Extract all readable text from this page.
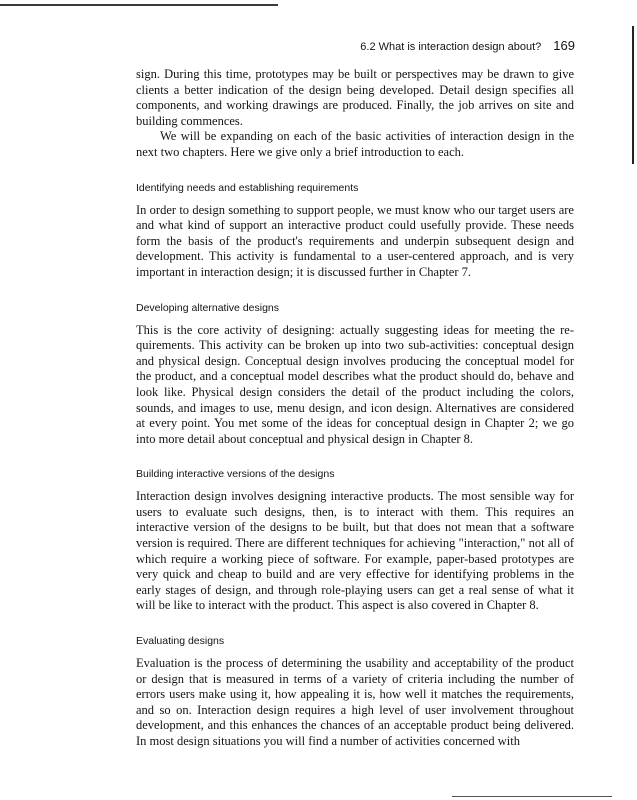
6.2 What is interaction design about? 169

sign. During this time, prototypes may be built or perspectives may be drawn to give clients a better indication of the design being developed. Detail design specifies all components, and working drawings are produced. Finally, the job arrives on site and building commences.

We will be expanding on each of the basic activities of interaction design in the next two chapters. Here we give only a brief introduction to each.

Identifying needs and establishing requirements

In order to design something to support people, we must know who our target users are and what kind of support an interactive product could usefully provide. These needs form the basis of the product's requirements and underpin subsequent design and development. This activity is fundamental to a user-centered approach, and is very important in interaction design; it is discussed further in Chapter 7.

Developing alternative designs

This is the core activity of designing: actually suggesting ideas for meeting the requirements. This activity can be broken up into two sub-activities: conceptual design and physical design. Conceptual design involves producing the conceptual model for the product, and a conceptual model describes what the product should do, behave and look like. Physical design considers the detail of the product including the colors, sounds, and images to use, menu design, and icon design. Alternatives are considered at every point. You met some of the ideas for conceptual design in Chapter 2; we go into more detail about conceptual and physical design in Chapter 8.

Building interactive versions of the designs

Interaction design involves designing interactive products. The most sensible way for users to evaluate such designs, then, is to interact with them. This requires an interactive version of the designs to be built, but that does not mean that a software version is required. There are different techniques for achieving "interaction," not all of which require a working piece of software. For example, paper-based prototypes are very quick and cheap to build and are very effective for identifying problems in the early stages of design, and through role-playing users can get a real sense of what it will be like to interact with the product. This aspect is also covered in Chapter 8.

Evaluating designs

Evaluation is the process of determining the usability and acceptability of the product or design that is measured in terms of a variety of criteria including the number of errors users make using it, how appealing it is, how well it matches the requirements, and so on. Interaction design requires a high level of user involvement throughout development, and this enhances the chances of an acceptable product being delivered. In most design situations you will find a number of activities concerned with
